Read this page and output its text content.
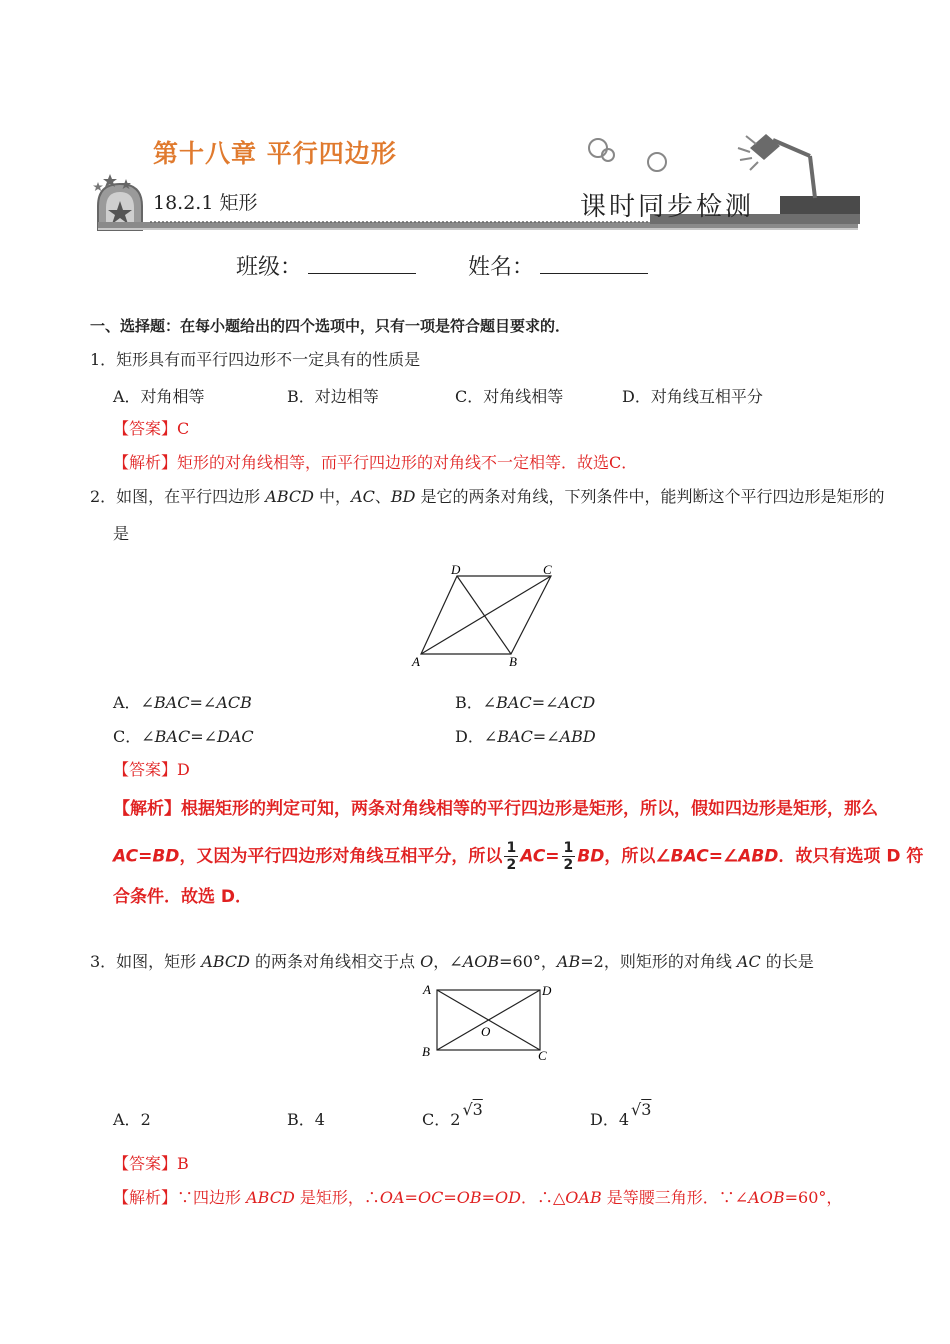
第十八章 平行四边形
18.2.1 矩形	课时同步检测
班级：	姓名：
一、选择题：在每小题给出的四个选项中，只有一项是符合题目要求的．
1．矩形具有而平行四边形不一定具有的性质是
A．对角相等	B．对边相等	C．对角线相等	D．对角线互相平分
【答案】C
【解析】矩形的对角线相等，而平行四边形的对角线不一定相等．故选C．
2．如图，在平行四边形 ABCD 中，AC、BD 是它的两条对角线，下列条件中，能判断这个平行四边形是矩形的
是
A	B
C
D
A．∠BAC=∠ACB	B．∠BAC=∠ACD
C．∠BAC=∠DAC	D．∠BAC=∠ABD
【答案】D
【解析】根据矩形的判定可知，两条对角线相等的平行四边形是矩形，所以，假如四边形是矩形，那么
AC=BD，又因为平行四边形对角线互相平分，所以 $\frac{1}{2} AC= \frac{1}{2}$ BD，所以∠BAC=∠ABD．故只有选项 D 符
合条件．故选 D．
3．如图，矩形 ABCD 的两条对角线相交于点 O，∠AOB=60°，AB=2，则矩形的对角线 AC 的长是
A
B	C
D
O
A．2	B．4	C．2√3
D．4√3
【答案】B
【解析】∵四边形 ABCD 是矩形，∴OA=OC=OB=OD．∴△OAB 是等腰三角形．∵∠AOB=60°，
